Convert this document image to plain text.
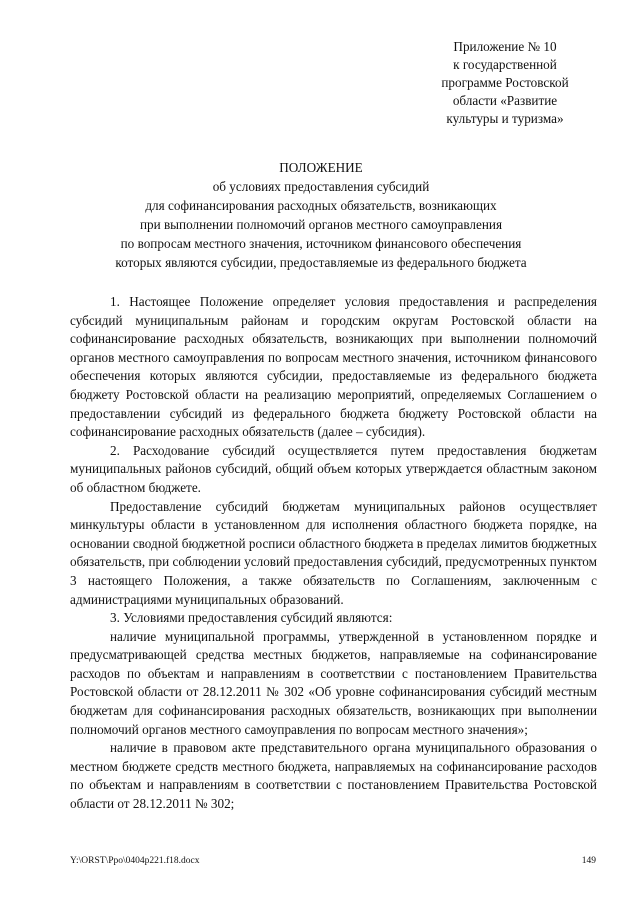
Приложение № 10
к государственной
программе Ростовской
области «Развитие
культуры и туризма»
ПОЛОЖЕНИЕ
об условиях предоставления субсидий
для софинансирования расходных обязательств, возникающих
при выполнении полномочий органов местного самоуправления
по вопросам местного значения, источником финансового обеспечения
которых являются субсидии, предоставляемые из федерального бюджета

1. Настоящее Положение определяет условия предоставления и распределения субсидий муниципальным районам и городским округам Ростовской области на софинансирование расходных обязательств, возникающих при выполнении полномочий органов местного самоуправления по вопросам местного значения, источником финансового обеспечения которых являются субсидии, предоставляемые из федерального бюджета бюджету Ростовской области на реализацию мероприятий, определяемых Соглашением о предоставлении субсидий из федерального бюджета бюджету Ростовской области на софинансирование расходных обязательств (далее – субсидия).

2. Расходование субсидий осуществляется путем предоставления бюджетам муниципальных районов субсидий, общий объем которых утверждается областным законом об областном бюджете.

Предоставление субсидий бюджетам муниципальных районов осуществляет минкультуры области в установленном для исполнения областного бюджета порядке, на основании сводной бюджетной росписи областного бюджета в пределах лимитов бюджетных обязательств, при соблюдении условий предоставления субсидий, предусмотренных пунктом 3 настоящего Положения, а также обязательств по Соглашениям, заключенным с администрациями муниципальных образований.

3. Условиями предоставления субсидий являются:

наличие муниципальной программы, утвержденной в установленном порядке и предусматривающей средства местных бюджетов, направляемые на софинансирование расходов по объектам и направлениям в соответствии с постановлением Правительства Ростовской области от 28.12.2011 № 302 «Об уровне софинансирования субсидий местным бюджетам для софинансирования расходных обязательств, возникающих при выполнении полномочий органов местного самоуправления по вопросам местного значения»;

наличие в правовом акте представительного органа муниципального образования о местном бюджете средств местного бюджета, направляемых на софинансирование расходов по объектам и направлениям в соответствии с постановлением Правительства Ростовской области от 28.12.2011 № 302;

Y:\ORST\Ppo\0404p221.f18.docx	149
